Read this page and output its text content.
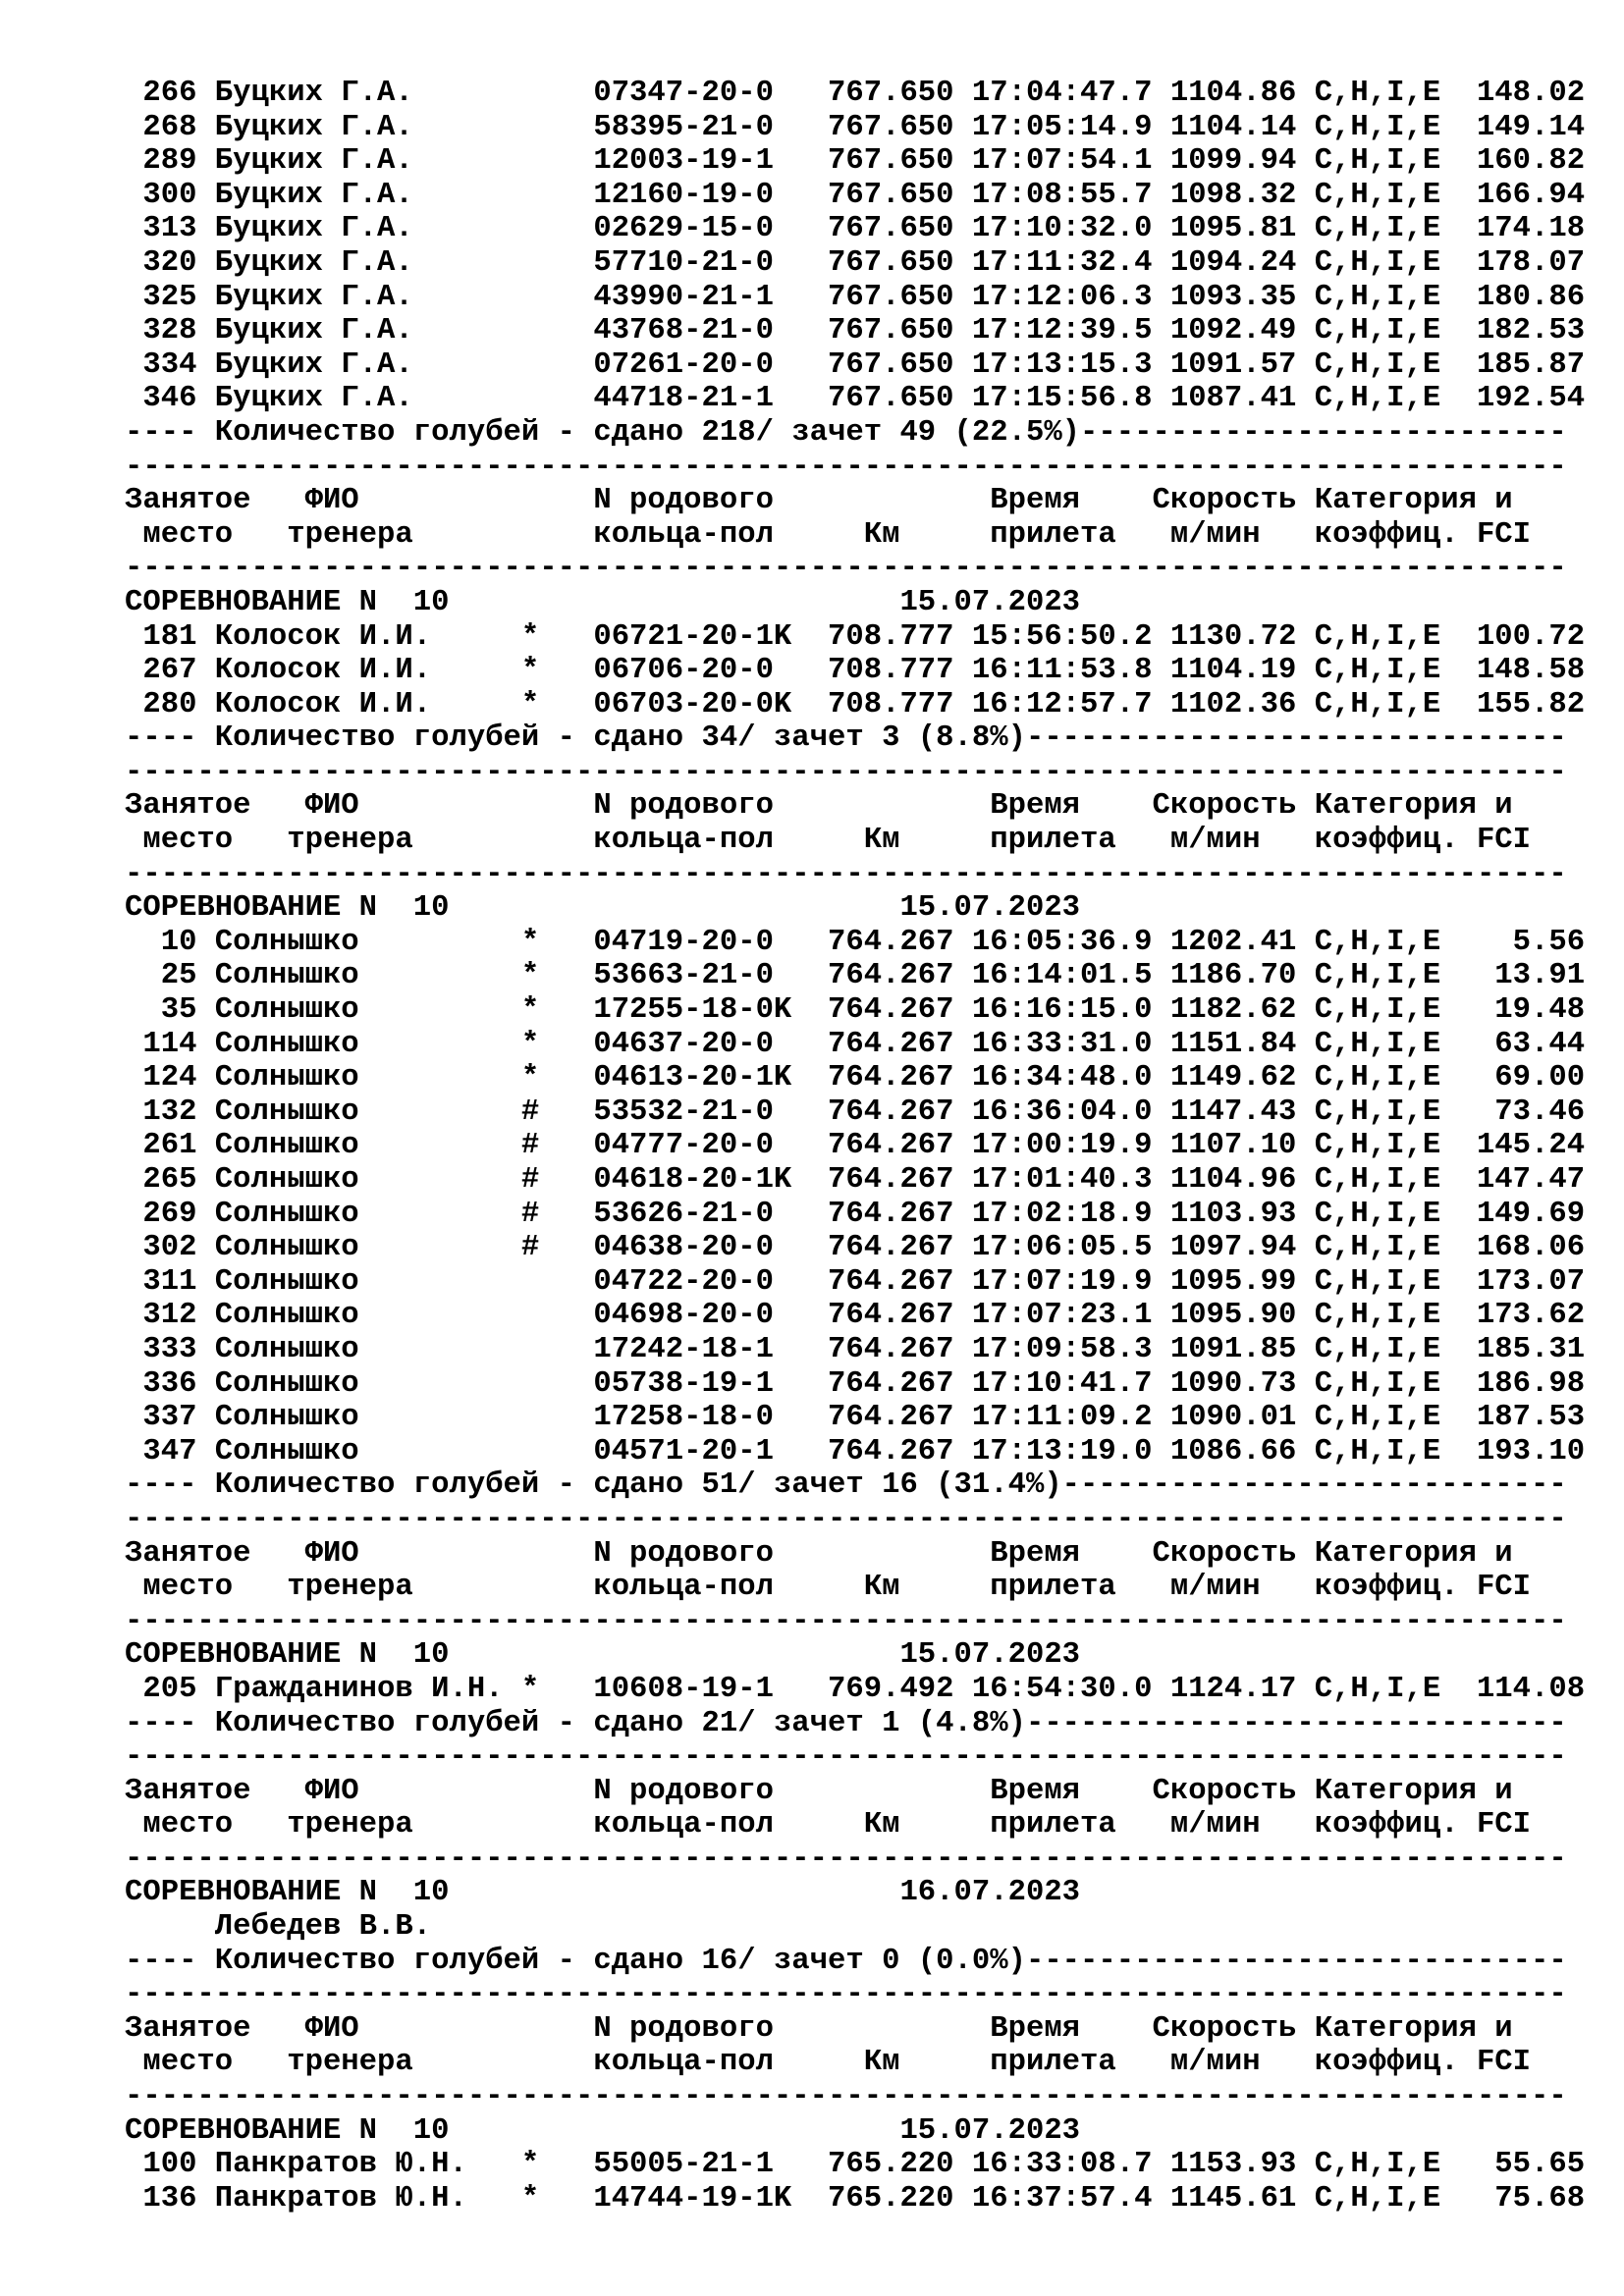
266 Буцких Г.А.          07347-20-0   767.650 17:04:47.7 1104.86 C,H,I,E  148.02
268 Буцких Г.А.          58395-21-0   767.650 17:05:14.9 1104.14 C,H,I,E  149.14
289 Буцких Г.А.          12003-19-1   767.650 17:07:54.1 1099.94 C,H,I,E  160.82
300 Буцких Г.А.          12160-19-0   767.650 17:08:55.7 1098.32 C,H,I,E  166.94
313 Буцких Г.А.          02629-15-0   767.650 17:10:32.0 1095.81 C,H,I,E  174.18
320 Буцких Г.А.          57710-21-0   767.650 17:11:32.4 1094.24 C,H,I,E  178.07
325 Буцких Г.А.          43990-21-1   767.650 17:12:06.3 1093.35 C,H,I,E  180.86
328 Буцких Г.А.          43768-21-0   767.650 17:12:39.5 1092.49 C,H,I,E  182.53
334 Буцких Г.А.          07261-20-0   767.650 17:13:15.3 1091.57 C,H,I,E  185.87
346 Буцких Г.А.          44718-21-1   767.650 17:15:56.8 1087.41 C,H,I,E  192.54
---- Количество голубей - сдано 218/ зачет 49 (22.5%)---------------------------
--------------------------------------------------------------------------------
Занятое   ФИО             N родового            Время    Скорость Категория и
место   тренера          кольца-пол     Км     прилета   м/мин   коэффиц. FCI
--------------------------------------------------------------------------------
СОРЕВНОВАНИЕ N  10                         15.07.2023
181 Колосок И.И.     *   06721-20-1K  708.777 15:56:50.2 1130.72 C,H,I,E  100.72
267 Колосок И.И.     *   06706-20-0   708.777 16:11:53.8 1104.19 C,H,I,E  148.58
280 Колосок И.И.     *   06703-20-0K  708.777 16:12:57.7 1102.36 C,H,I,E  155.82
---- Количество голубей - сдано 34/ зачет 3 (8.8%)------------------------------
--------------------------------------------------------------------------------
Занятое   ФИО             N родового            Время    Скорость Категория и
место   тренера          кольца-пол     Км     прилета   м/мин   коэффиц. FCI
--------------------------------------------------------------------------------
СОРЕВНОВАНИЕ N  10                         15.07.2023
10 Солнышко         *   04719-20-0   764.267 16:05:36.9 1202.41 C,H,I,E    5.56
25 Солнышко         *   53663-21-0   764.267 16:14:01.5 1186.70 C,H,I,E   13.91
35 Солнышко         *   17255-18-0K  764.267 16:16:15.0 1182.62 C,H,I,E   19.48
114 Солнышко         *   04637-20-0   764.267 16:33:31.0 1151.84 C,H,I,E   63.44
124 Солнышко         *   04613-20-1K  764.267 16:34:48.0 1149.62 C,H,I,E   69.00
132 Солнышко         #   53532-21-0   764.267 16:36:04.0 1147.43 C,H,I,E   73.46
261 Солнышко         #   04777-20-0   764.267 17:00:19.9 1107.10 C,H,I,E  145.24
265 Солнышко         #   04618-20-1K  764.267 17:01:40.3 1104.96 C,H,I,E  147.47
269 Солнышко         #   53626-21-0   764.267 17:02:18.9 1103.93 C,H,I,E  149.69
302 Солнышко         #   04638-20-0   764.267 17:06:05.5 1097.94 C,H,I,E  168.06
311 Солнышко             04722-20-0   764.267 17:07:19.9 1095.99 C,H,I,E  173.07
312 Солнышко             04698-20-0   764.267 17:07:23.1 1095.90 C,H,I,E  173.62
333 Солнышко             17242-18-1   764.267 17:09:58.3 1091.85 C,H,I,E  185.31
336 Солнышко             05738-19-1   764.267 17:10:41.7 1090.73 C,H,I,E  186.98
337 Солнышко             17258-18-0   764.267 17:11:09.2 1090.01 C,H,I,E  187.53
347 Солнышко             04571-20-1   764.267 17:13:19.0 1086.66 C,H,I,E  193.10
---- Количество голубей - сдано 51/ зачет 16 (31.4%)----------------------------
--------------------------------------------------------------------------------
Занятое   ФИО             N родового            Время    Скорость Категория и
место   тренера          кольца-пол     Км     прилета   м/мин   коэффиц. FCI
--------------------------------------------------------------------------------
СОРЕВНОВАНИЕ N  10                         15.07.2023
205 Гражданинов И.Н. *   10608-19-1   769.492 16:54:30.0 1124.17 C,H,I,E  114.08
---- Количество голубей - сдано 21/ зачет 1 (4.8%)------------------------------
--------------------------------------------------------------------------------
Занятое   ФИО             N родового            Время    Скорость Категория и
место   тренера          кольца-пол     Км     прилета   м/мин   коэффиц. FCI
--------------------------------------------------------------------------------
СОРЕВНОВАНИЕ N  10                         16.07.2023
Лебедев В.В.
---- Количество голубей - сдано 16/ зачет 0 (0.0%)------------------------------
--------------------------------------------------------------------------------
Занятое   ФИО             N родового            Время    Скорость Категория и
место   тренера          кольца-пол     Км     прилета   м/мин   коэффиц. FCI
--------------------------------------------------------------------------------
СОРЕВНОВАНИЕ N  10                         15.07.2023
100 Панкратов Ю.Н.   *   55005-21-1   765.220 16:33:08.7 1153.93 C,H,I,E   55.65
136 Панкратов Ю.Н.   *   14744-19-1K  765.220 16:37:57.4 1145.61 C,H,I,E   75.68
